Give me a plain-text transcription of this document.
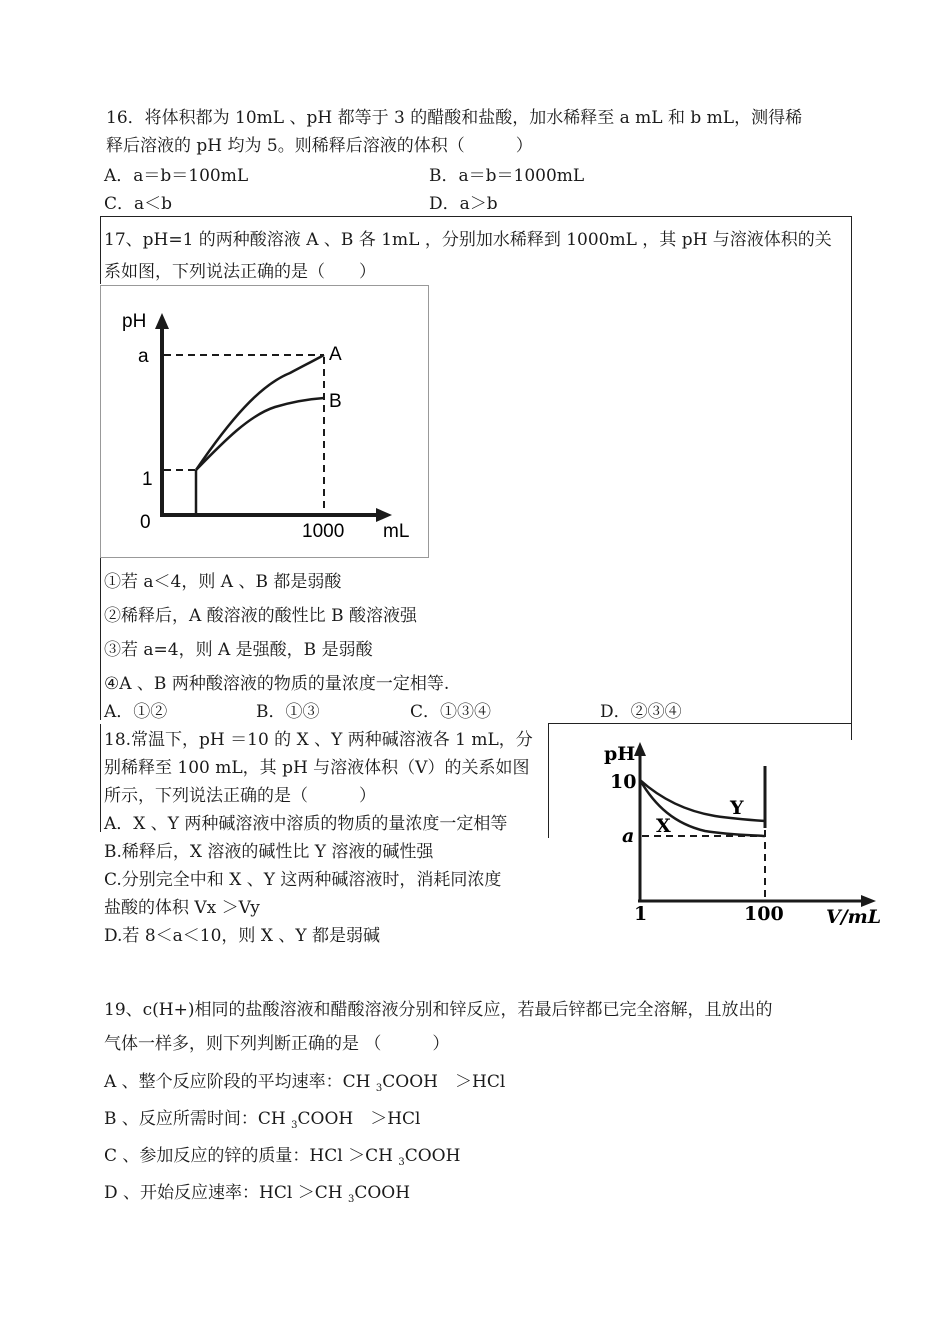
16．将体积都为 10mL 、pH 都等于 3 的醋酸和盐酸，加水稀释至 a mL 和 b mL，测得稀
释后溶液的 pH 均为 5。则稀释后溶液的体积（　　　）
A．a＝b＝100mL	B．a＝b＝1000mL
C．a＜b	D．a＞b
17、pH=1 的两种酸溶液 A 、B 各 1mL ，分别加水稀释到 1000mL ，其 pH 与溶液体积的关
系如图，下列说法正确的是（　　）
pH
mL
a
1
0	1000
A
B
①若 a＜4，则 A 、B 都是弱酸
②稀释后，A 酸溶液的酸性比 B 酸溶液强
③若 a=4，则 A 是强酸，B 是弱酸
④A 、B 两种酸溶液的物质的量浓度一定相等.
A．①②	B．①③	C．①③④	D．②③④
18.常温下，pH ＝10 的 X 、Y 两种碱溶液各 1 mL，分
别稀释至 100 mL，其 pH 与溶液体积（V）的关系如图
所示，下列说法正确的是（　　　）
A．X 、Y 两种碱溶液中溶质的物质的量浓度一定相等
B.稀释后，X 溶液的碱性比 Y 溶液的碱性强
C.分别完全中和 X 、Y 这两种碱溶液时，消耗同浓度
盐酸的体积 Vx ＞Vy
D.若 8＜a＜10，则 X 、Y 都是弱碱
pH
10
a
1	100 V/mL
Y
X
19、c(H+)相同的盐酸溶液和醋酸溶液分别和锌反应，若最后锌都已完全溶解，且放出的
气体一样多，则下列判断正确的是 （　　　）
A 、整个反应阶段的平均速率：CH $_3$COOH　＞HCl
B 、反应所需时间：CH $_3$COOH　＞HCl
C 、参加反应的锌的质量：HCl ＞CH $_3$COOH
D 、开始反应速率：HCl ＞CH $_3$COOH
